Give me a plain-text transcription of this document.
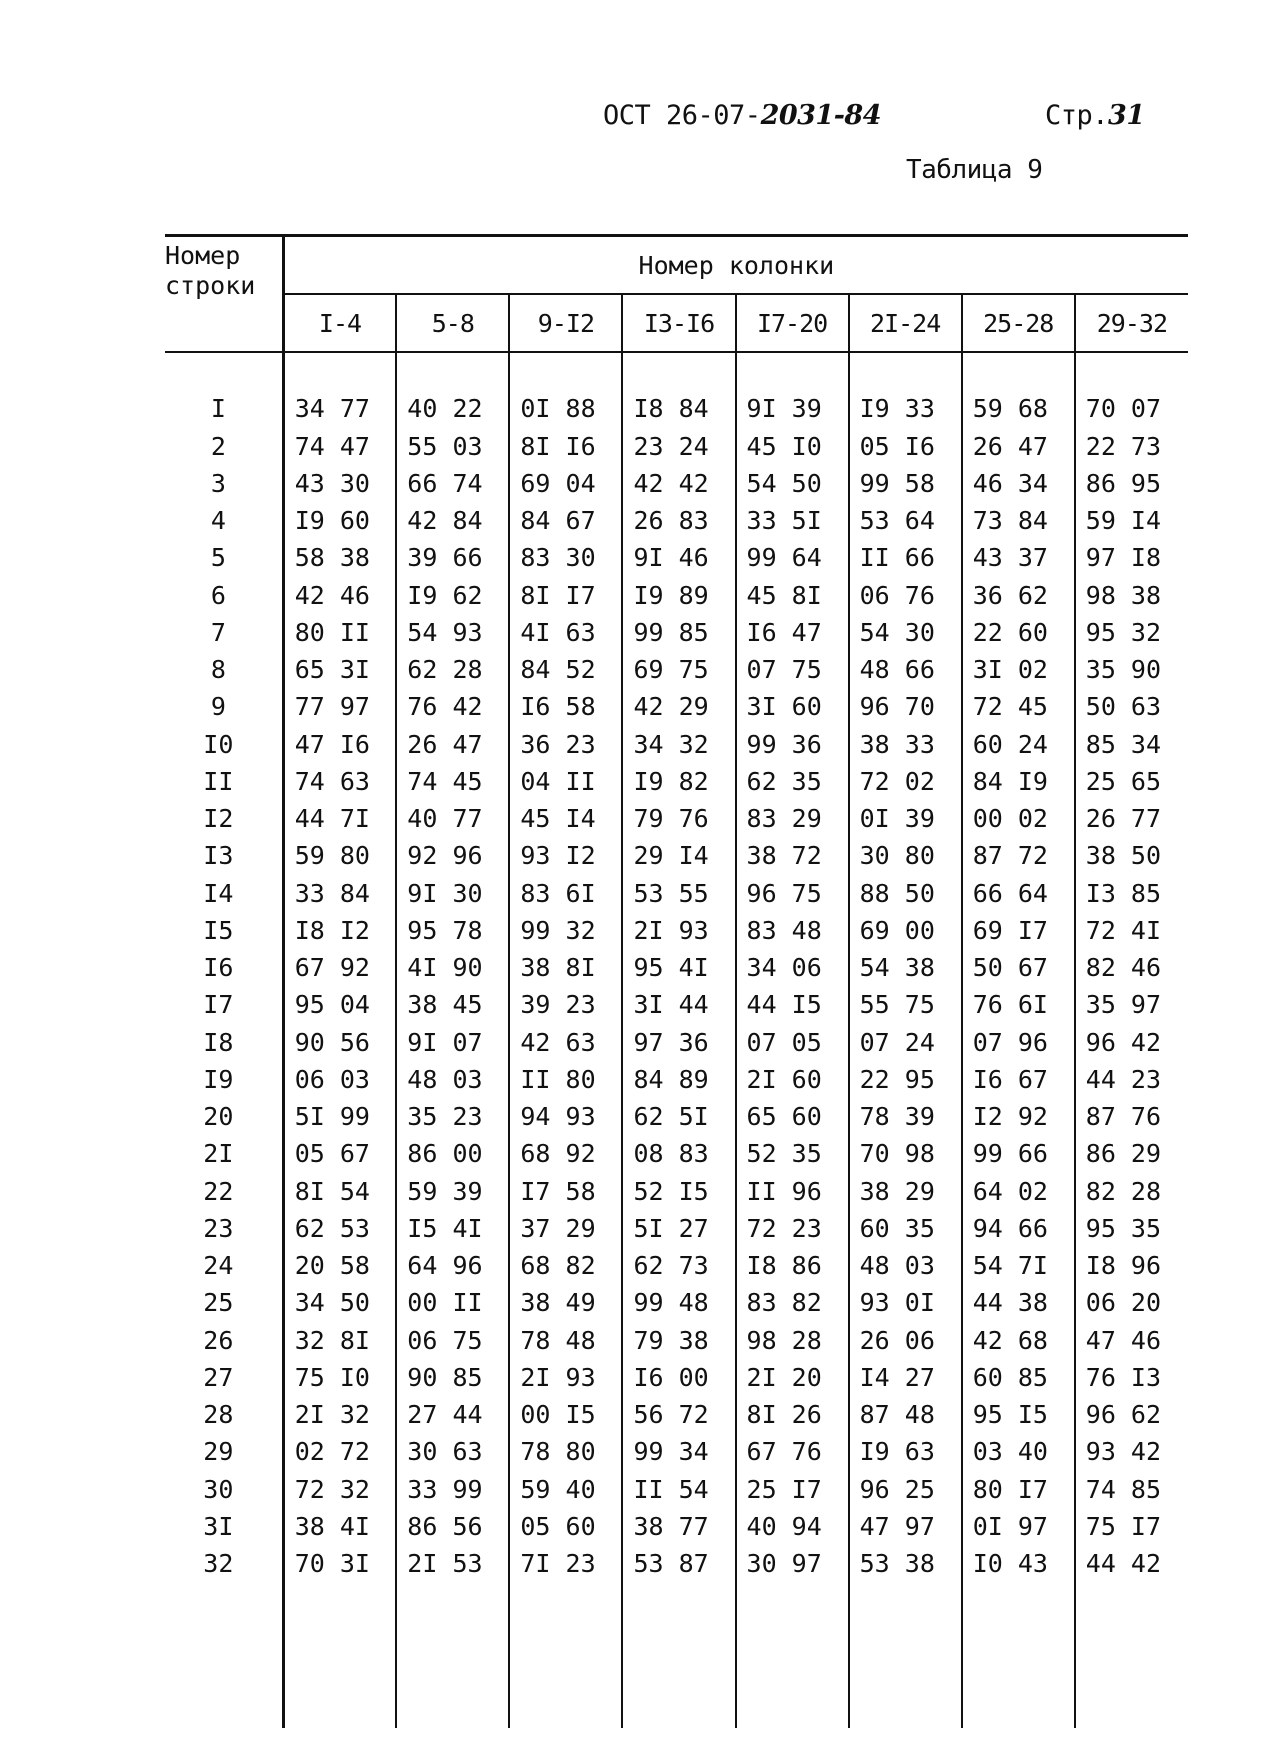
ОСТ 26-07-2031-84	Стр.31
Таблица 9
Номер
строки	Номер колонки							
	I-4	5-8	9-I2	I3-I6	I7-20	2I-24	25-28	29-32

I	34 77	40 22	0I 88	I8 84	9I 39	I9 33	59 68	70 07
2	74 47	55 03	8I I6	23 24	45 I0	05 I6	26 47	22 73
3	43 30	66 74	69 04	42 42	54 50	99 58	46 34	86 95
4	I9 60	42 84	84 67	26 83	33 5I	53 64	73 84	59 I4
5	58 38	39 66	83 30	9I 46	99 64	II 66	43 37	97 I8
6	42 46	I9 62	8I I7	I9 89	45 8I	06 76	36 62	98 38
7	80 II	54 93	4I 63	99 85	I6 47	54 30	22 60	95 32
8	65 3I	62 28	84 52	69 75	07 75	48 66	3I 02	35 90
9	77 97	76 42	I6 58	42 29	3I 60	96 70	72 45	50 63
I0	47 I6	26 47	36 23	34 32	99 36	38 33	60 24	85 34
II	74 63	74 45	04 II	I9 82	62 35	72 02	84 I9	25 65
I2	44 7I	40 77	45 I4	79 76	83 29	0I 39	00 02	26 77
I3	59 80	92 96	93 I2	29 I4	38 72	30 80	87 72	38 50
I4	33 84	9I 30	83 6I	53 55	96 75	88 50	66 64	I3 85
I5	I8 I2	95 78	99 32	2I 93	83 48	69 00	69 I7	72 4I
I6	67 92	4I 90	38 8I	95 4I	34 06	54 38	50 67	82 46
I7	95 04	38 45	39 23	3I 44	44 I5	55 75	76 6I	35 97
I8	90 56	9I 07	42 63	97 36	07 05	07 24	07 96	96 42
I9	06 03	48 03	II 80	84 89	2I 60	22 95	I6 67	44 23
20	5I 99	35 23	94 93	62 5I	65 60	78 39	I2 92	87 76
2I	05 67	86 00	68 92	08 83	52 35	70 98	99 66	86 29
22	8I 54	59 39	I7 58	52 I5	II 96	38 29	64 02	82 28
23	62 53	I5 4I	37 29	5I 27	72 23	60 35	94 66	95 35
24	20 58	64 96	68 82	62 73	I8 86	48 03	54 7I	I8 96
25	34 50	00 II	38 49	99 48	83 82	93 0I	44 38	06 20
26	32 8I	06 75	78 48	79 38	98 28	26 06	42 68	47 46
27	75 I0	90 85	2I 93	I6 00	2I 20	I4 27	60 85	76 I3
28	2I 32	27 44	00 I5	56 72	8I 26	87 48	95 I5	96 62
29	02 72	30 63	78 80	99 34	67 76	I9 63	03 40	93 42
30	72 32	33 99	59 40	II 54	25 I7	96 25	80 I7	74 85
3I	38 4I	86 56	05 60	38 77	40 94	47 97	0I 97	75 I7
32	70 3I	2I 53	7I 23	53 87	30 97	53 38	I0 43	44 42
